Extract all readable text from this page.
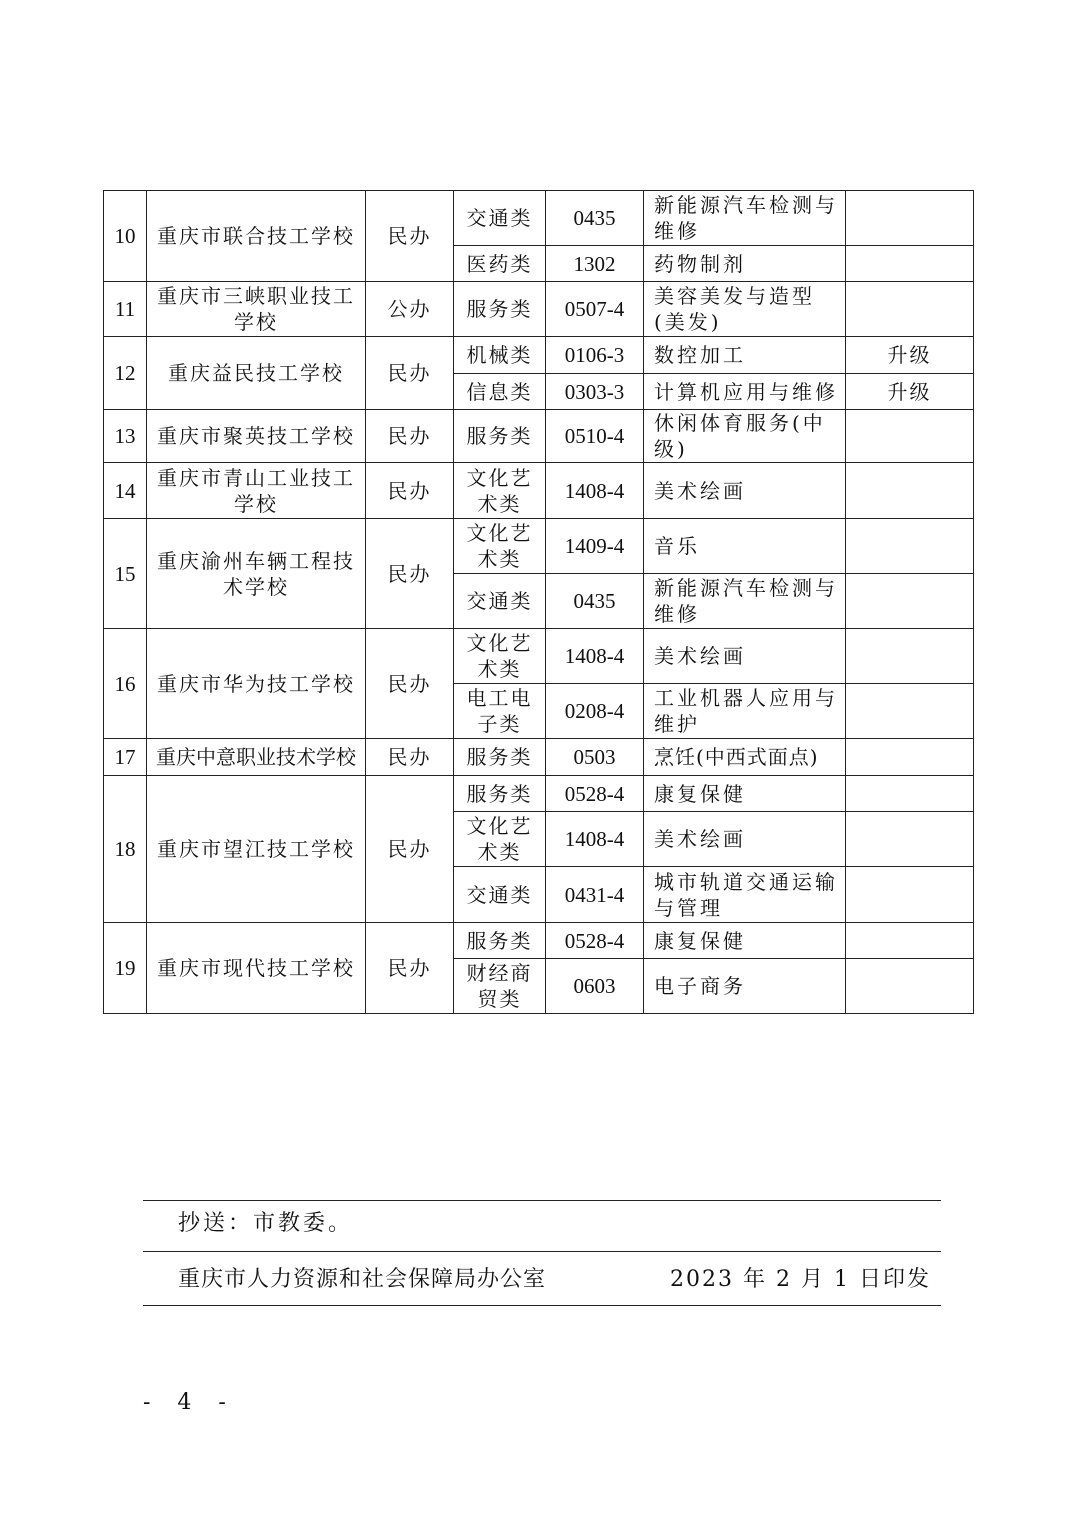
10	重庆市联合技工学校	民办	交通类	0435	新能源汽车检测与维修	
			医药类	1302	药物制剂	
11	重庆市三峡职业技工学校	公办	服务类	0507-4	美容美发与造型(美发)	
12	重庆益民技工学校	民办	机械类	0106-3	数控加工	升级
			信息类	0303-3	计算机应用与维修	升级
13	重庆市聚英技工学校	民办	服务类	0510-4	休闲体育服务(中级)	
14	重庆市青山工业技工学校	民办	文化艺术类	1408-4	美术绘画	
15	重庆渝州车辆工程技术学校	民办	文化艺术类	1409-4	音乐	
			交通类	0435	新能源汽车检测与维修	
16	重庆市华为技工学校	民办	文化艺术类	1408-4	美术绘画	
			电工电子类	0208-4	工业机器人应用与维护	
17	重庆中意职业技术学校	民办	服务类	0503	烹饪(中西式面点)	
18	重庆市望江技工学校	民办	服务类	0528-4	康复保健	
			文化艺术类	1408-4	美术绘画	
			交通类	0431-4	城市轨道交通运输与管理	
19	重庆市现代技工学校	民办	服务类	0528-4	康复保健	
			财经商贸类	0603	电子商务	
抄送：市教委。
重庆市人力资源和社会保障局办公室	2023 年 2 月 1 日印发
- 4 -
